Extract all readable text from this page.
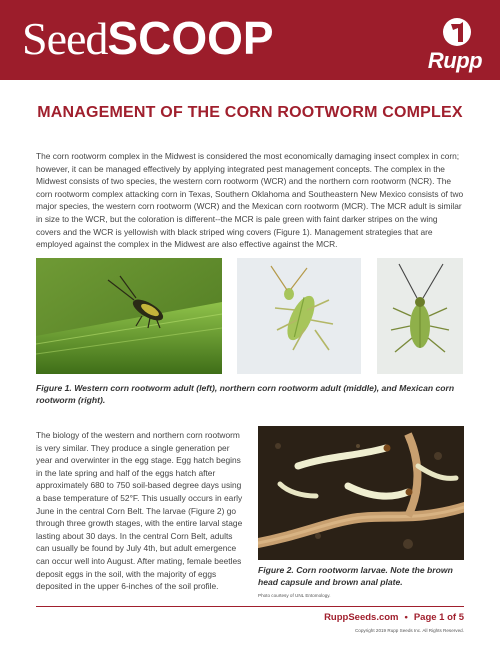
SeedSCOOP	Rupp
MANAGEMENT OF THE CORN ROOTWORM COMPLEX

The corn rootworm complex in the Midwest is considered the most economically damaging insect complex in corn; however, it can be managed effectively by applying integrated pest management concepts. The complex in the Midwest consists of two species, the western corn rootworm (WCR) and the northern corn rootworm (NCR). The corn rootworm complex attacking corn in Texas, Southern Oklahoma and Southeastern New Mexico consists of two major species, the western corn rootworm (WCR) and the Mexican corn rootworm (MCR). The MCR adult is similar in size to the WCR, but the coloration is different--the MCR is pale green with faint darker stripes on the wing covers and the WCR is yellowish with black striped wing covers (Figure 1). Management strategies that are employed against the complex in the Midwest are also effective against the MCR.

Figure 1. Western corn rootworm adult (left), northern corn rootworm adult (middle), and Mexican corn rootworm (right).

The biology of the western and northern corn rootworm is very similar. They produce a single generation per year and overwinter in the egg stage. Egg hatch begins in the late spring and half of the eggs hatch after approximately 680 to 750 soil-based degree days using a base temperature of 52°F. This usually occurs in early June in the central Corn Belt. The larvae (Figure 2) go through three growth stages, with the entire larval stage lasting about 30 days. In the central Corn Belt, adults can usually be found by July 4th, but adult emergence can occur well into August. After mating, female beetles deposit eggs in the soil, with the majority of eggs deposited in the upper 6-inches of the soil profile.

Figure 2. Corn rootworm larvae. Note the brown head capsule and brown anal plate.

Photo courtesy of UNL Entomology.
RuppSeeds.com • Page 1 of 5
Copyright 2019 Rupp Seeds Inc. All Rights Reserved.
